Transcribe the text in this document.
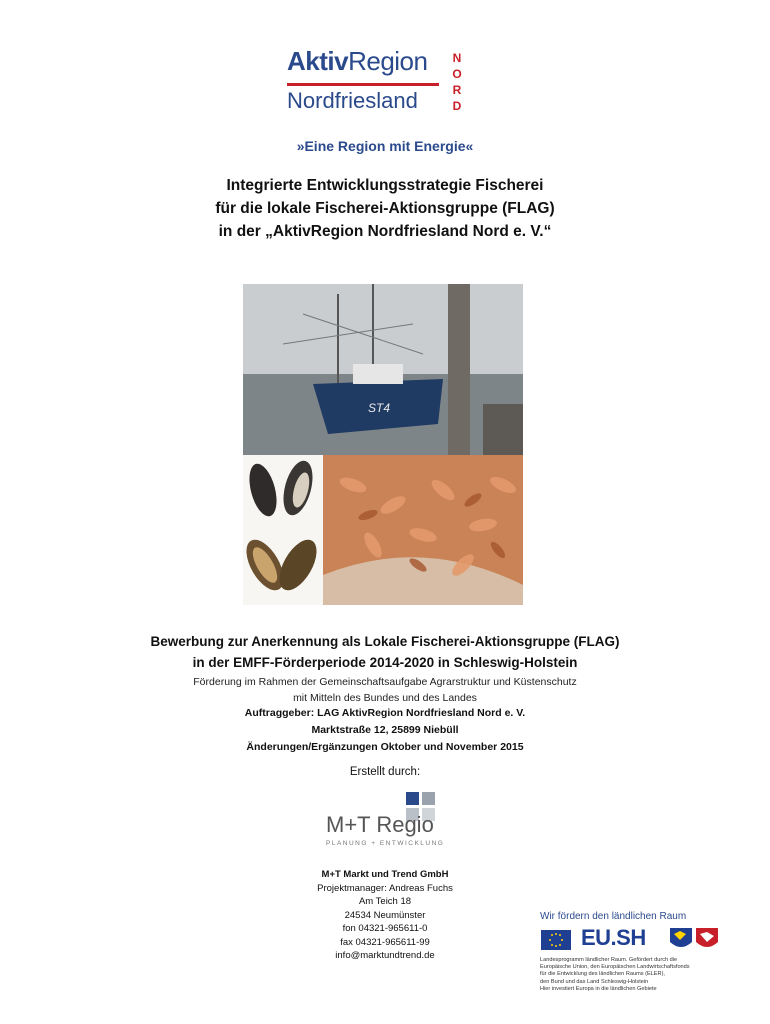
AktivRegion
Nordfriesland
N
O
R
D
»Eine Region mit Energie«
Integrierte Entwicklungsstrategie Fischerei
für die lokale Fischerei-Aktionsgruppe (FLAG)
in der „AktivRegion Nordfriesland Nord e. V.“
ST4
Bewerbung zur Anerkennung als Lokale Fischerei-Aktionsgruppe (FLAG)
in der EMFF-Förderperiode 2014-2020 in Schleswig-Holstein
Förderung im Rahmen der Gemeinschaftsaufgabe Agrarstruktur und Küstenschutz
mit Mitteln des Bundes und des Landes
Auftraggeber: LAG AktivRegion Nordfriesland Nord e. V.
Marktstraße 12, 25899 Niebüll
Änderungen/Ergänzungen Oktober und November 2015
Erstellt durch:
M+T Regio
PLANUNG + ENTWICKLUNG
M+T Markt und Trend GmbH
Projektmanager: Andreas Fuchs
Am Teich 18
24534 Neumünster
fon 04321-965611-0
fax 04321-965611-99
info@marktundtrend.de
Wir fördern den ländlichen Raum
EU.SH
Landesprogramm ländlicher Raum. Gefördert durch die
Europäische Union, den Europäischen Landwirtschaftsfonds
für die Entwicklung des ländlichen Raums (ELER),
den Bund und das Land Schleswig-Holstein
Hier investiert Europa in die ländlichen Gebiete
